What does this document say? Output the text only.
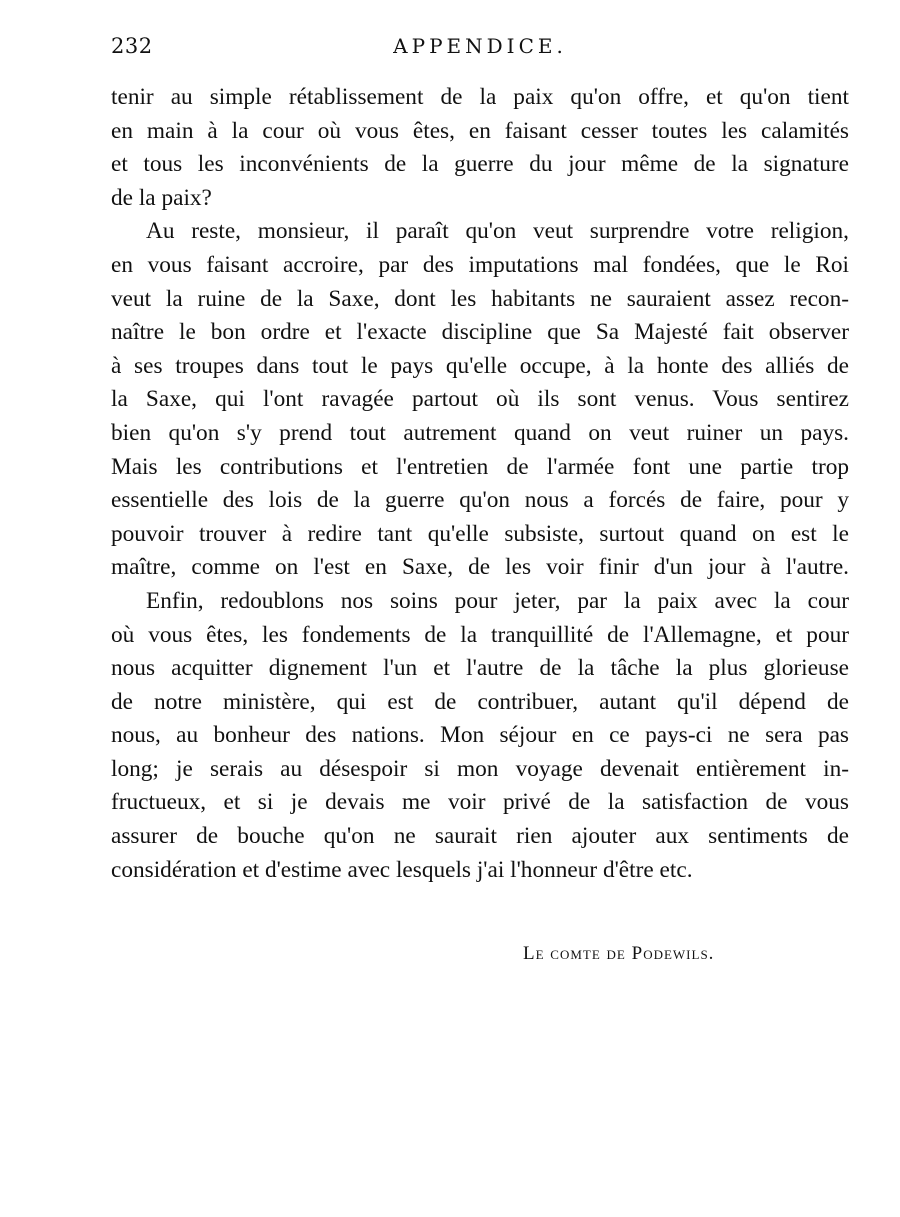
232	APPENDICE.

tenir au simple rétablissement de la paix qu'on offre, et qu'on tient
en main à la cour où vous êtes, en faisant cesser toutes les calamités
et tous les inconvénients de la guerre du jour même de la signature
de la paix?

Au reste, monsieur, il paraît qu'on veut surprendre votre religion,
en vous faisant accroire, par des imputations mal fondées, que le Roi
veut la ruine de la Saxe, dont les habitants ne sauraient assez recon-
naître le bon ordre et l'exacte discipline que Sa Majesté fait observer
à ses troupes dans tout le pays qu'elle occupe, à la honte des alliés de
la Saxe, qui l'ont ravagée partout où ils sont venus. Vous sentirez
bien qu'on s'y prend tout autrement quand on veut ruiner un pays.
Mais les contributions et l'entretien de l'armée font une partie trop
essentielle des lois de la guerre qu'on nous a forcés de faire, pour y
pouvoir trouver à redire tant qu'elle subsiste, surtout quand on est le
maître, comme on l'est en Saxe, de les voir finir d'un jour à l'autre.

Enfin, redoublons nos soins pour jeter, par la paix avec la cour
où vous êtes, les fondements de la tranquillité de l'Allemagne, et pour
nous acquitter dignement l'un et l'autre de la tâche la plus glorieuse
de notre ministère, qui est de contribuer, autant qu'il dépend de
nous, au bonheur des nations. Mon séjour en ce pays-ci ne sera pas
long; je serais au désespoir si mon voyage devenait entièrement in-
fructueux, et si je devais me voir privé de la satisfaction de vous
assurer de bouche qu'on ne saurait rien ajouter aux sentiments de
considération et d'estime avec lesquels j'ai l'honneur d'être etc.

Le comte de Podewils.
